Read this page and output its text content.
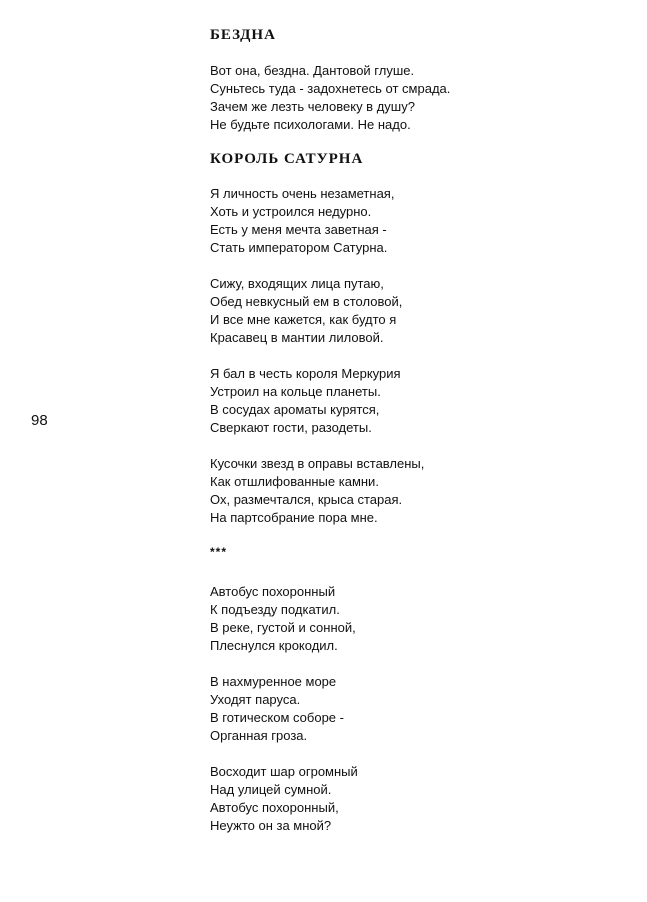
98
БЕЗДНА
Вот она, бездна. Дантовой глуше.
Суньтесь туда - задохнетесь от смрада.
Зачем же лезть человеку в душу?
Не будьте психологами. Не надо.
КОРОЛЬ САТУРНА
Я личность очень незаметная,
Хоть и устроился недурно.
Есть у меня мечта заветная -
Стать императором Сатурна.
Сижу, входящих лица путаю,
Обед невкусный ем в столовой,
И все мне кажется, как будто я
Красавец в мантии лиловой.
Я бал в честь короля Меркурия
Устроил на кольце планеты.
В сосудах ароматы курятся,
Сверкают гости, разодеты.
Кусочки звезд в оправы вставлены,
Как отшлифованные камни.
Ох, размечтался, крыса старая.
На партсобрание пора мне.
***
Автобус похоронный
К подъезду подкатил.
В реке, густой и сонной,
Плеснулся крокодил.
В нахмуренное море
Уходят паруса.
В готическом соборе -
Органная гроза.
Восходит шар огромный
Над улицей сумной.
Автобус похоронный,
Неужто он за мной?
